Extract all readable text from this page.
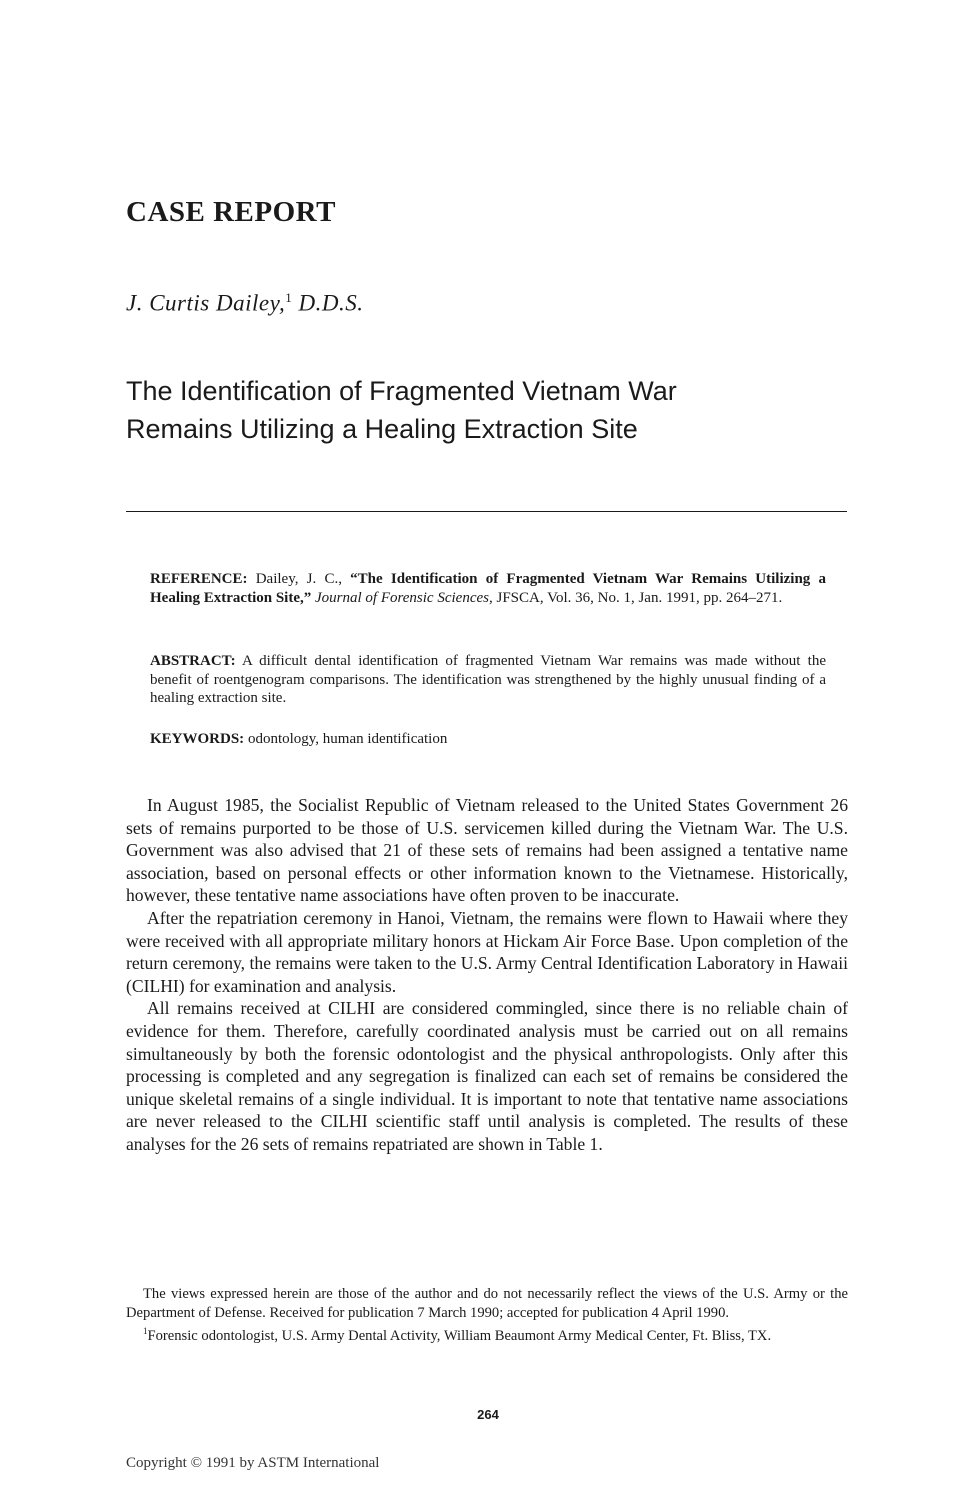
CASE REPORT

J. Curtis Dailey,$^1$ D.D.S.

The Identification of Fragmented Vietnam War
Remains Utilizing a Healing Extraction Site
REFERENCE: Dailey, J. C., “The Identification of Fragmented Vietnam War Remains Utilizing a Healing Extraction Site,” Journal of Forensic Sciences, JFSCA, Vol. 36, No. 1, Jan. 1991, pp. 264–271.
ABSTRACT: A difficult dental identification of fragmented Vietnam War remains was made without the benefit of roentgenogram comparisons. The identification was strengthened by the highly unusual finding of a healing extraction site.
KEYWORDS: odontology, human identification

In August 1985, the Socialist Republic of Vietnam released to the United States Government 26 sets of remains purported to be those of U.S. servicemen killed during the Vietnam War. The U.S. Government was also advised that 21 of these sets of remains had been assigned a tentative name association, based on personal effects or other information known to the Vietnamese. Historically, however, these tentative name associations have often proven to be inaccurate.

After the repatriation ceremony in Hanoi, Vietnam, the remains were flown to Hawaii where they were received with all appropriate military honors at Hickam Air Force Base. Upon completion of the return ceremony, the remains were taken to the U.S. Army Central Identification Laboratory in Hawaii (CILHI) for examination and analysis.

All remains received at CILHI are considered commingled, since there is no reliable chain of evidence for them. Therefore, carefully coordinated analysis must be carried out on all remains simultaneously by both the forensic odontologist and the physical anthropologists. Only after this processing is completed and any segregation is finalized can each set of remains be considered the unique skeletal remains of a single individual. It is important to note that tentative name associations are never released to the CILHI scientific staff until analysis is completed. The results of these analyses for the 26 sets of remains repatriated are shown in Table 1.

The views expressed herein are those of the author and do not necessarily reflect the views of the U.S. Army or the Department of Defense. Received for publication 7 March 1990; accepted for publication 4 April 1990.

$^1$Forensic odontologist, U.S. Army Dental Activity, William Beaumont Army Medical Center, Ft. Bliss, TX.

264
Copyright © 1991 by ASTM International
